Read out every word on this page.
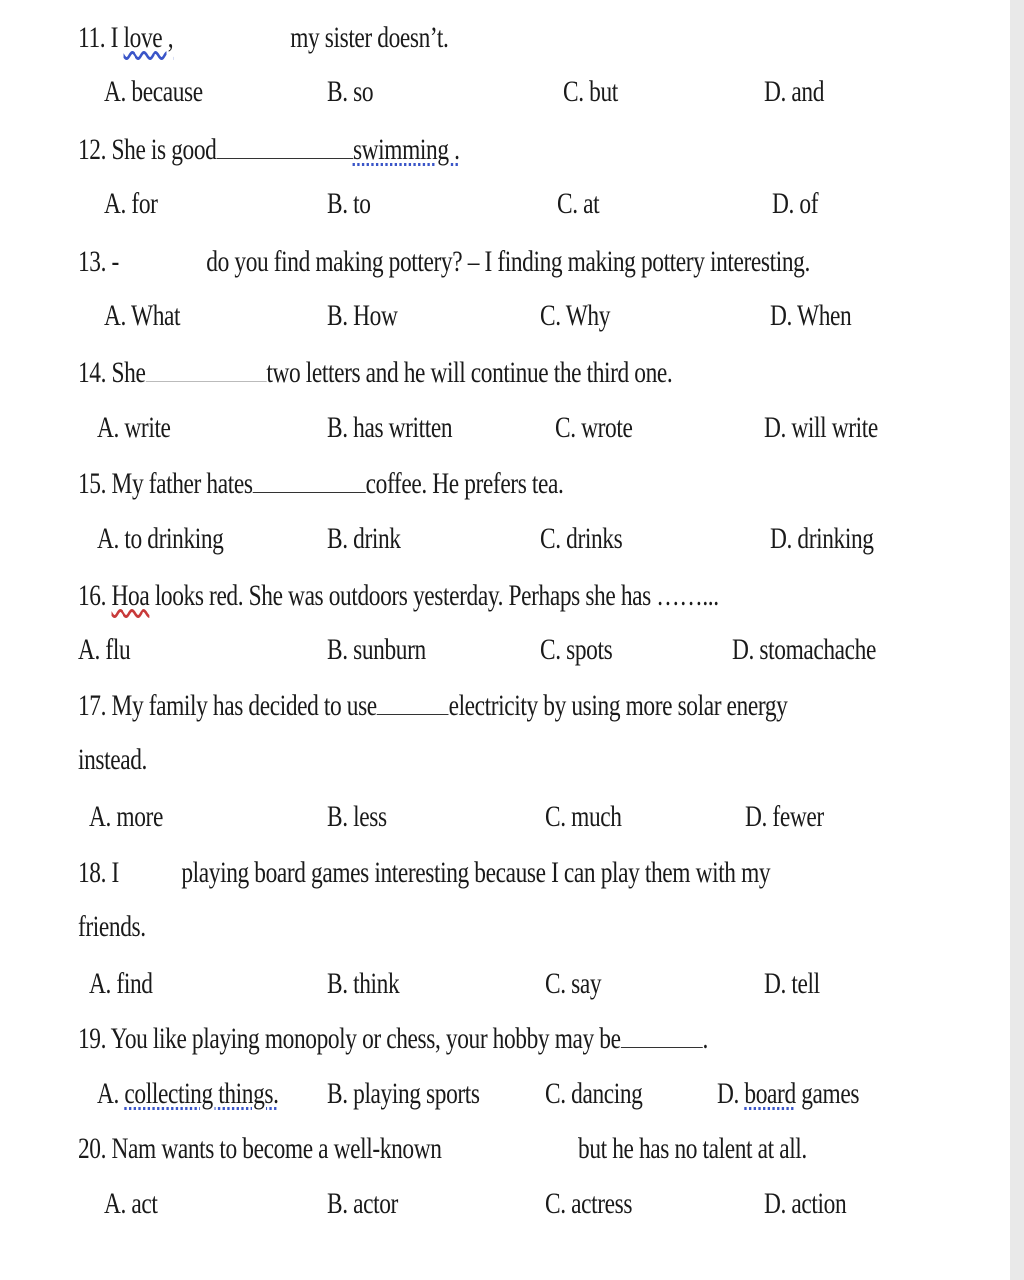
11. I love ,	my sister doesn’t.
A. because	B. so	C. but	D. and
12. She is good	swimming .
A. for	B. to	C. at	D. of
13. -	do you find making pottery? – I finding making pottery interesting.
A. What	B. How	C. Why	D. When
14. She	two letters and he will continue the third one.
A. write	B. has written	C. wrote	D. will write
15. My father hates	coffee. He prefers tea.
A. to drinking	B. drink	C. drinks	D. drinking
16. Hoa looks red. She was outdoors yesterday. Perhaps she has ……...
A. flu	B. sunburn	C. spots	D. stomachache
17. My family has decided to use electricity by using more solar energy
instead.
A. more	B. less	C. much	D. fewer
18. I playing board games interesting because I can play them with my
friends.
A. find	B. think	C. say	D. tell
19. You like playing monopoly or chess, your hobby may be	.
A. collecting things. B. playing sports C. dancing D. board games
20. Nam wants to become a well-known	but he has no talent at all.
A. act	B. actor	C. actress	D. action
